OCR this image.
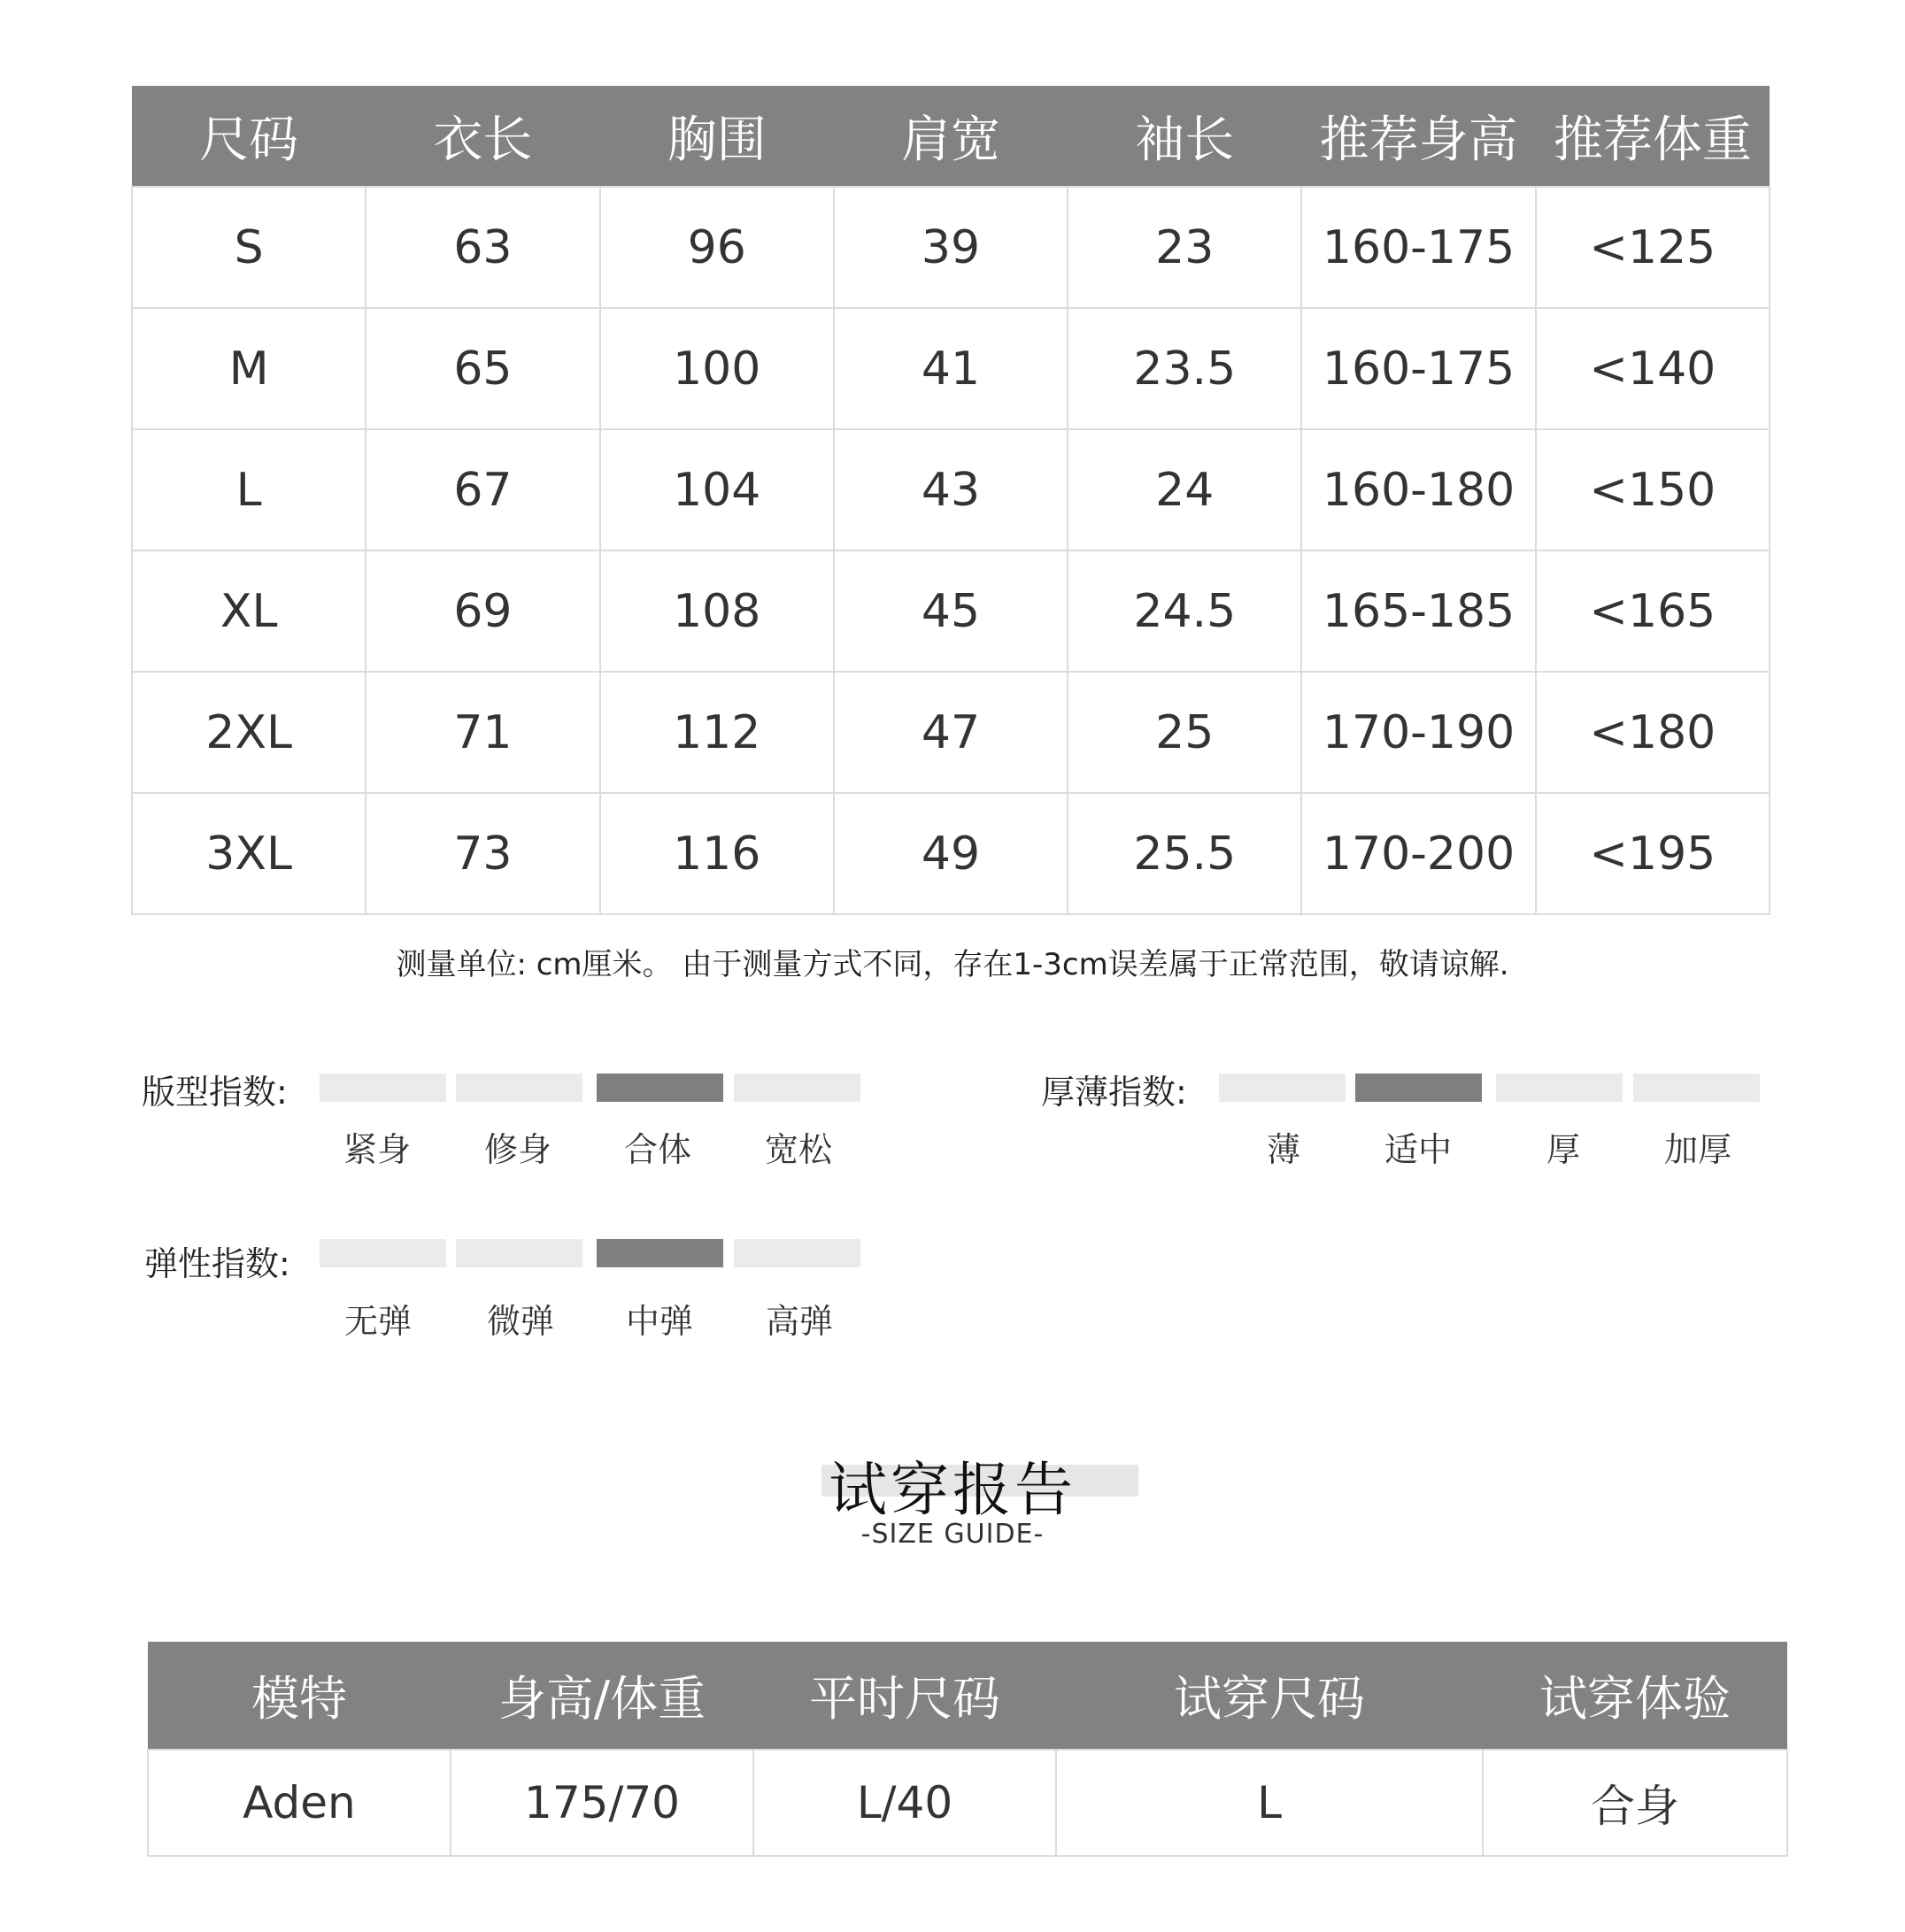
尺码	衣长	胸围	肩宽	袖长	推荐身高	推荐体重
S	63	96	39	23	160-175	<125
M	65	100	41	23.5	160-175	<140
L	67	104	43	24	160-180	<150
XL	69	108	45	24.5	165-185	<165
2XL	71	112	47	25	170-190	<180
3XL	73	116	49	25.5	170-200	<195
测量单位: cm厘米。 由于测量方式不同，存在1-3cm误差属于正常范围，敬请谅解.
版型指数:
紧身	修身	合体	宽松
厚薄指数:
薄	适中	厚	加厚
弹性指数:
无弹	微弹	中弹	高弹
试穿报告
-SIZE GUIDE-
模特	身高/体重	平时尺码	试穿尺码	试穿体验
Aden	175/70	L/40	L	合身
